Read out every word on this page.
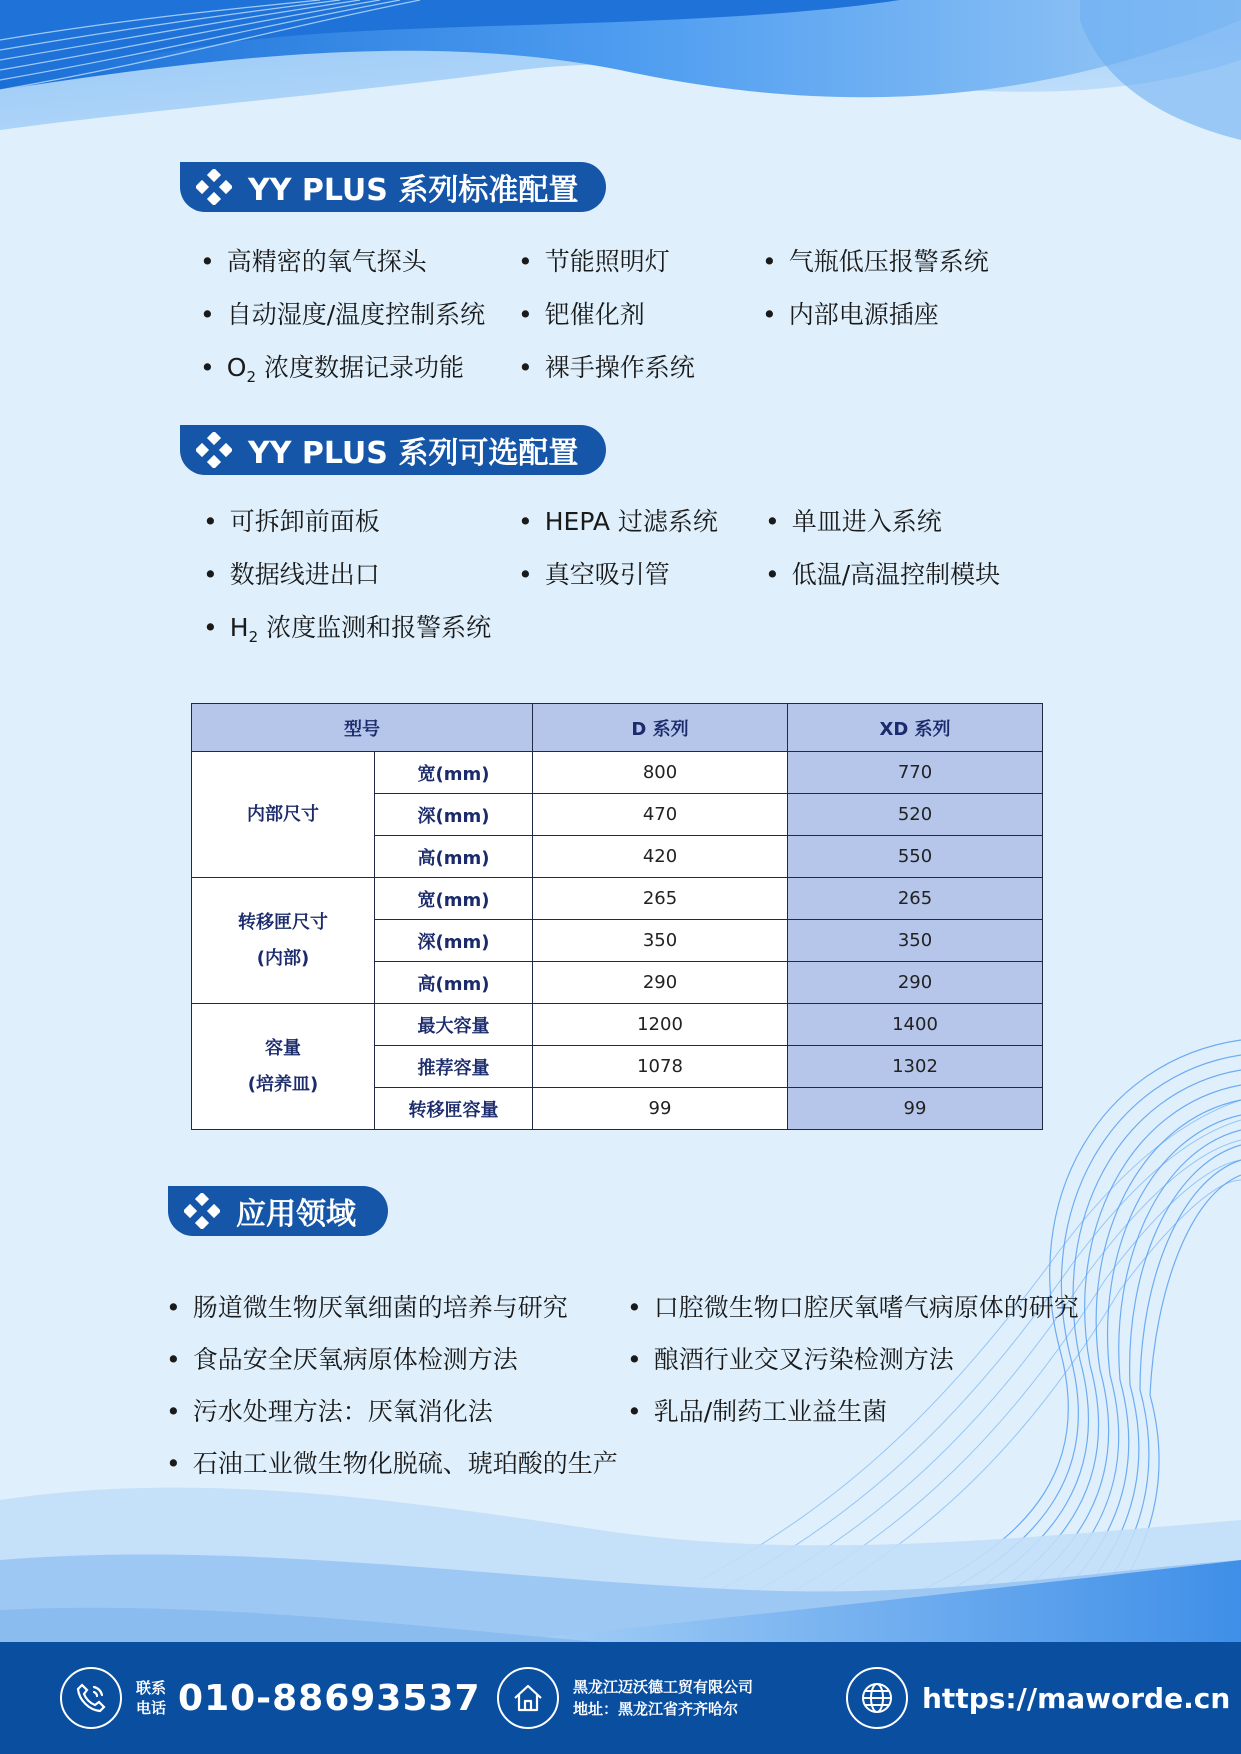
YY PLUS 系列标准配置
• 高精密的氧气探头	• 节能照明灯	• 气瓶低压报警系统
• 自动湿度/温度控制系统	• 钯催化剂	• 内部电源插座
• $O_2$ 浓度数据记录功能	• 裸手操作系统
YY PLUS 系列可选配置
• 可拆卸前面板	• HEPA 过滤系统	• 单皿进入系统
• 数据线进出口	• 真空吸引管	• 低温/高温控制模块
• $H_2$ 浓度监测和报警系统
型号		D 系列	XD 系列
内部尺寸	宽(mm)	800	770
	深(mm)	470	520
	高(mm)	420	550
转移匣尺寸
(内部)	宽(mm)	265	265
	深(mm)	350	350
	高(mm)	290	290
容量
(培养皿)	最大容量	1200	1400
	推荐容量	1078	1302
	转移匣容量	99	99
应用领域
• 肠道微生物厌氧细菌的培养与研究	• 口腔微生物口腔厌氧嗜气病原体的研究
• 食品安全厌氧病原体检测方法	• 酿酒行业交叉污染检测方法
• 污水处理方法：厌氧消化法	• 乳品/制药工业益生菌
• 石油工业微生物化脱硫、琥珀酸的生产
联系
电话 010-88693537	黑龙江迈沃德工贸有限公司
地址：黑龙江省齐齐哈尔	https://maworde.cn
